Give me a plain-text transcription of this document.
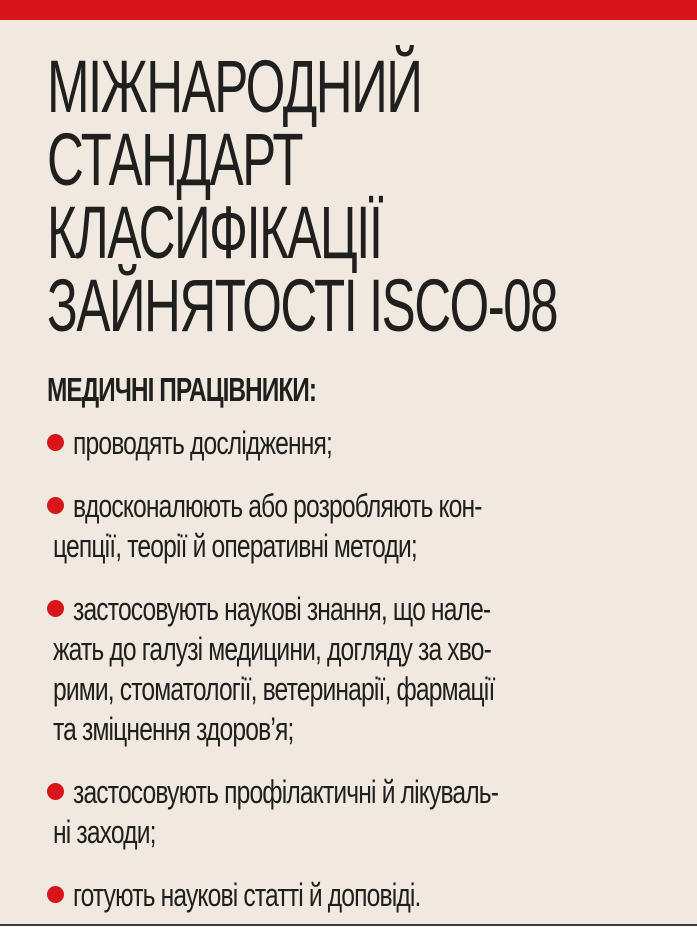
МІЖНАРОДНИЙ
СТАНДАРТ
КЛАСИФІКАЦІЇ
ЗАЙНЯТОСТІ ISCO-08
МЕДИЧНІ ПРАЦІВНИКИ:
проводять дослідження;
вдосконалюють або розробляють кон-
цепції, теорії й оперативні методи;
застосовують наукові знання, що нале-
жать до галузі медицини, догляду за хво-
рими, стоматології, ветеринарії, фармації
та зміцнення здоров’я;
застосовують профілактичні й лікуваль-
ні заходи;
готують наукові статті й доповіді.
